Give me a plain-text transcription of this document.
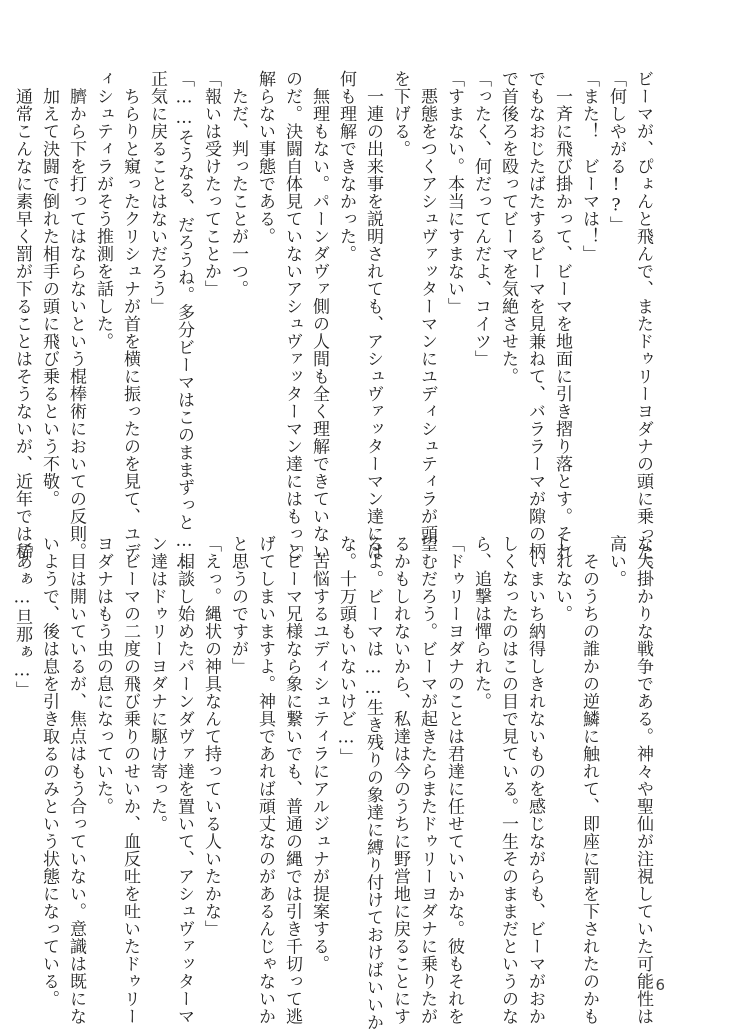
ビーマが、ぴょんと飛んで、またドゥリーヨダナの頭に乗った。
「何しやがる!?」
「また！　ビーマは！」
　一斉に飛び掛かって、ビーマを地面に引き摺り落とす。それ
でもなおじたばたするビーマを見兼ねて、バララーマが隙の柄
で首後ろを殴ってビーマを気絶させた。
「ったく、何だってんだよ、コイツ」
「すまない。本当にすまない」
　悪態をつくアシュヴァッターマンにユディシュティラが頭
を下げる。
　一連の出来事を説明されても、アシュヴァッターマン達には
何も理解できなかった。
　無理もない。パーンダヴァ側の人間も全く理解できていない
のだ。決闘自体見ていないアシュヴァッターマン達にはもっと
解らない事態である。
　ただ、判ったことが一つ。
「報いは受けたってことか」
「……そうなる、だろうね。多分ビーマはこのままずっと……
正気に戻ることはないだろう」
　ちらりと窺ったクリシュナが首を横に振ったのを見て、ユデ
ィシュティラがそう推測を話した。
　臍から下を打ってはならないという棍棒術においての反則。
　加えて決闘で倒れた相手の頭に飛び乗るという不敬。
　通常こんなに素早く罰が下ることはそうないが、近年では稀
な大掛かりな戦争である。神々や聖仙が注視していた可能性は
高い。
　そのうちの誰かの逆鱗に触れて、即座に罰を下されたのかも
しれない。
　いまいち納得しきれないものを感じながらも、ビーマがおか
しくなったのはこの目で見ている。一生そのままだというのな
ら、追撃は憚られた。
「ドゥリーヨダナのことは君達に任せていいかな。彼もそれを
望むだろう。ビーマが起きたらまたドゥリーヨダナに乗りたが
るかもしれないから、私達は今のうちに野営地に戻ることにす
るよ。ビーマは……生き残りの象達に縛り付けておけばいいか
な。十万頭もいないけど…」
　苦悩するユディシュティラにアルジュナが提案する。
「ビーマ兄様なら象に繋いでも、普通の縄では引き千切って逃
げてしまいますよ。神具であれば頑丈なのがあるんじゃないか
と思うのですが」
「えっ。縄状の神具なんて持っている人いたかな」
　相談し始めたパーンダヴァ達を置いて、アシュヴァッターマ
ン達はドゥリーヨダナに駆け寄った。
　ビーマの二度の飛び乗りのせいか、血反吐を吐いたドゥリー
ヨダナはもう虫の息になっていた。
　目は開いているが、焦点はもう合っていない。意識は既にな
いようで、後は息を引き取るのみという状態になっている。
「あぁ…旦那ぁ…」
6
